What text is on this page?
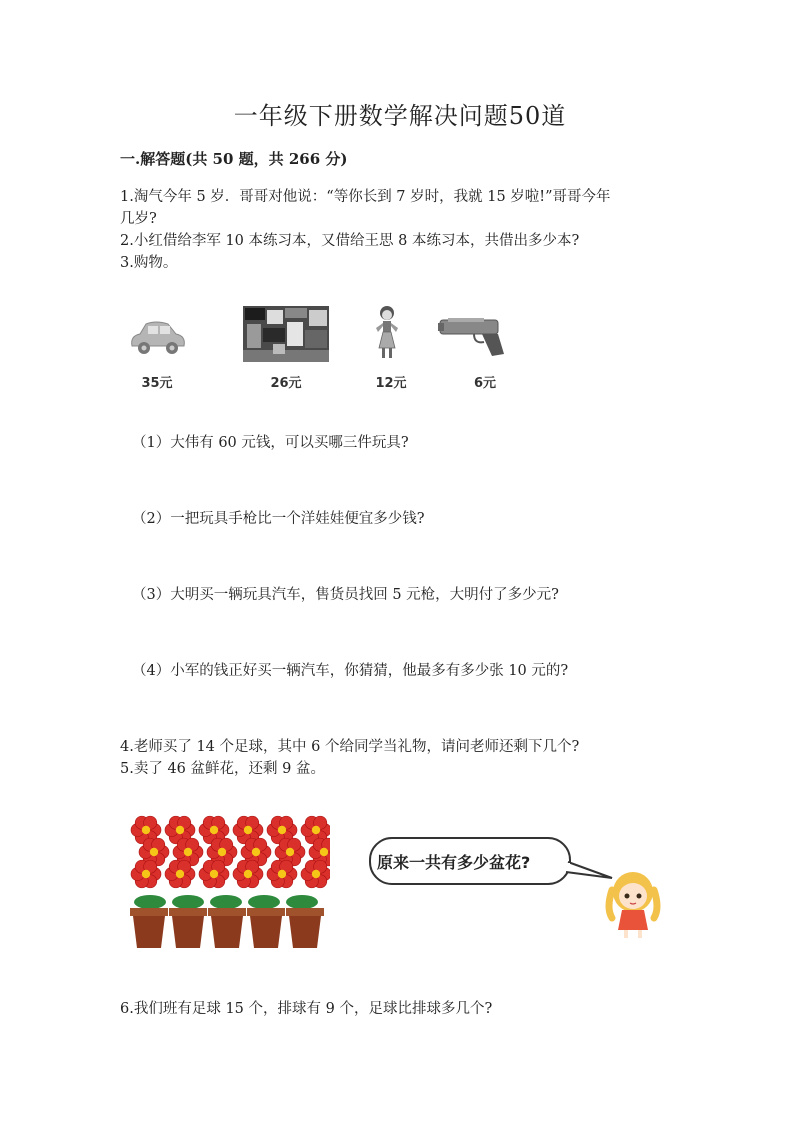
一年级下册数学解决问题50道
一.解答题(共 50 题，共 266 分)
1.淘气今年 5 岁．哥哥对他说：“等你长到 7 岁时，我就 15 岁啦!”哥哥今年
几岁?
2.小红借给李军 10 本练习本，又借给王思 8 本练习本，共借出多少本?
3.购物。
35元	26元	12元	6元
（1）大伟有 60 元钱，可以买哪三件玩具?
（2）一把玩具手枪比一个洋娃娃便宜多少钱?
（3）大明买一辆玩具汽车，售货员找回 5 元枪，大明付了多少元?
（4）小军的钱正好买一辆汽车，你猜猜，他最多有多少张 10 元的?
4.老师买了 14 个足球，其中 6 个给同学当礼物，请问老师还剩下几个?
5.卖了 46 盆鲜花，还剩 9 盆。
原来一共有多少盆花?
6.我们班有足球 15 个，排球有 9 个，足球比排球多几个?
